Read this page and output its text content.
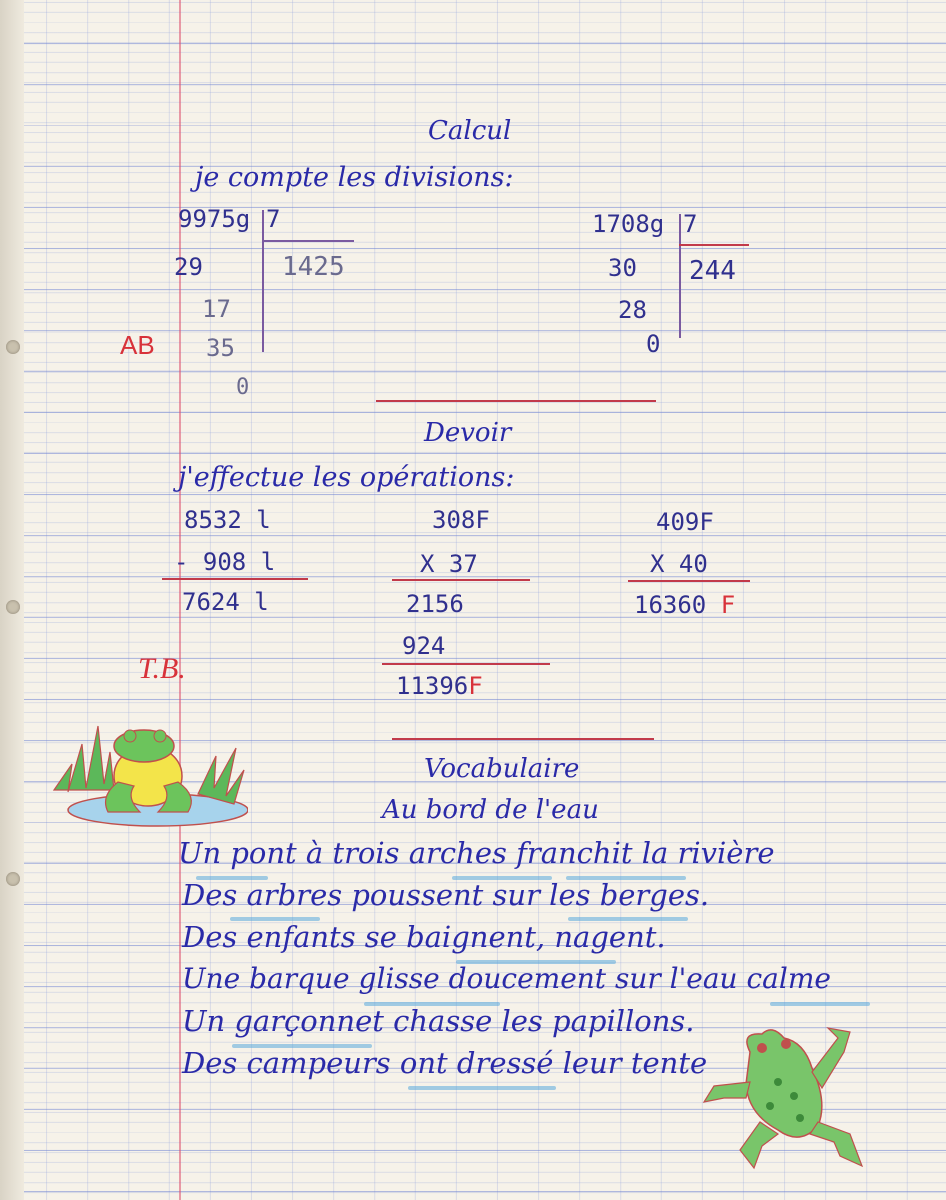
Calcul
je compte les divisions:
9975g 7
1425
29
17
35
0
AB
1708g 7
244
30
28
0
Devoir
j'effectue les opérations:
8532 l
- 908 l
7624 l
308F
X 37
2156
924
11396F
409F
X 40
16360 F
T.B.
Vocabulaire
Au bord de l'eau
Un pont à trois arches franchit la rivière
Des arbres poussent sur les berges.
Des enfants se baignent, nagent.
Une barque glisse doucement sur l'eau calme
Un garçonnet chasse les papillons.
Des campeurs ont dressé leur tente
